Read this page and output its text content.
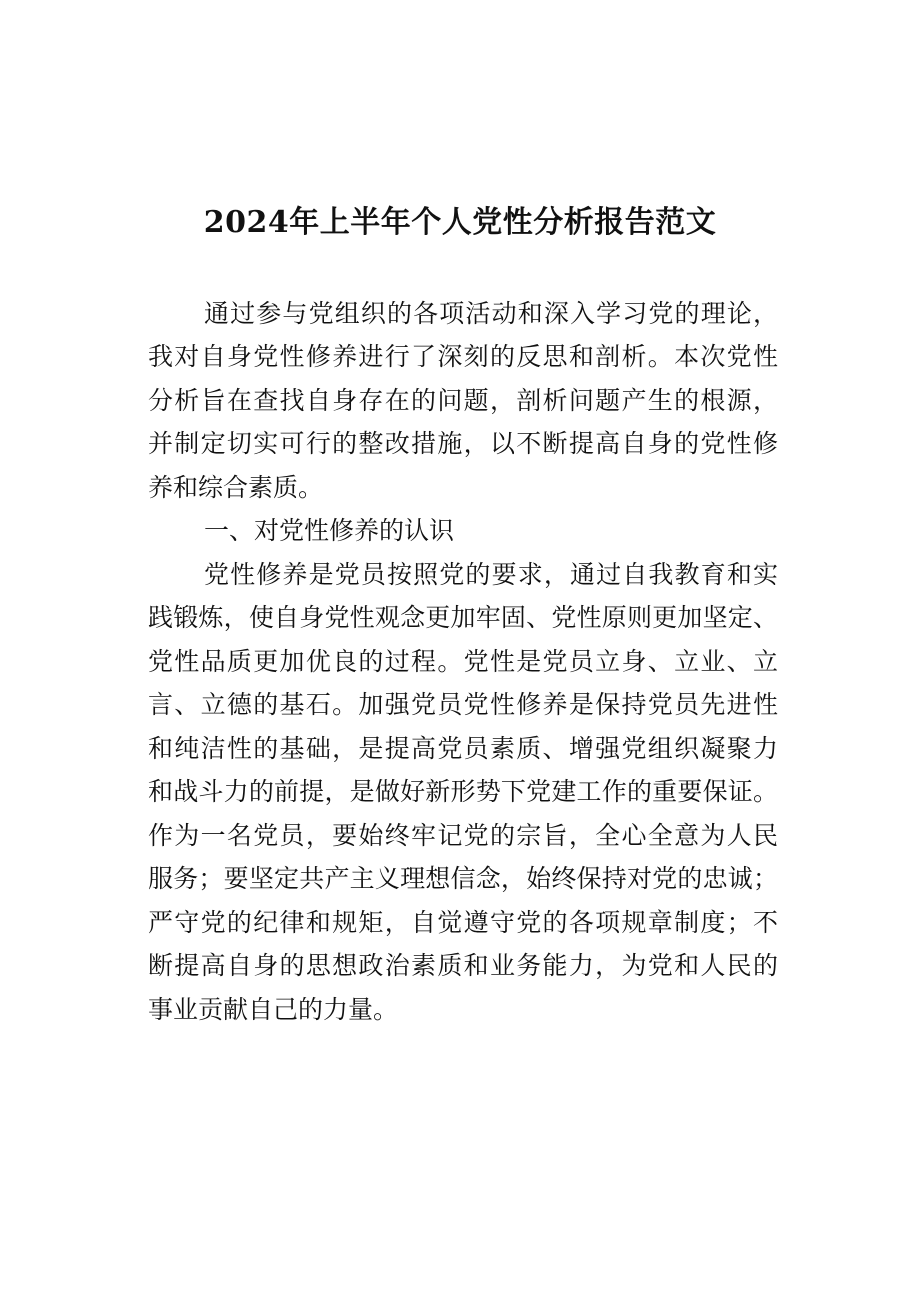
2024年上半年个人党性分析报告范文
通过参与党组织的各项活动和深入学习党的理论，
我对自身党性修养进行了深刻的反思和剖析。本次党性
分析旨在查找自身存在的问题，剖析问题产生的根源，
并制定切实可行的整改措施，以不断提高自身的党性修
养和综合素质。
一、对党性修养的认识
党性修养是党员按照党的要求，通过自我教育和实
践锻炼，使自身党性观念更加牢固、党性原则更加坚定、
党性品质更加优良的过程。党性是党员立身、立业、立
言、立德的基石。加强党员党性修养是保持党员先进性
和纯洁性的基础，是提高党员素质、增强党组织凝聚力
和战斗力的前提，是做好新形势下党建工作的重要保证。
作为一名党员，要始终牢记党的宗旨，全心全意为人民
服务；要坚定共产主义理想信念，始终保持对党的忠诚；
严守党的纪律和规矩，自觉遵守党的各项规章制度；不
断提高自身的思想政治素质和业务能力，为党和人民的
事业贡献自己的力量。
